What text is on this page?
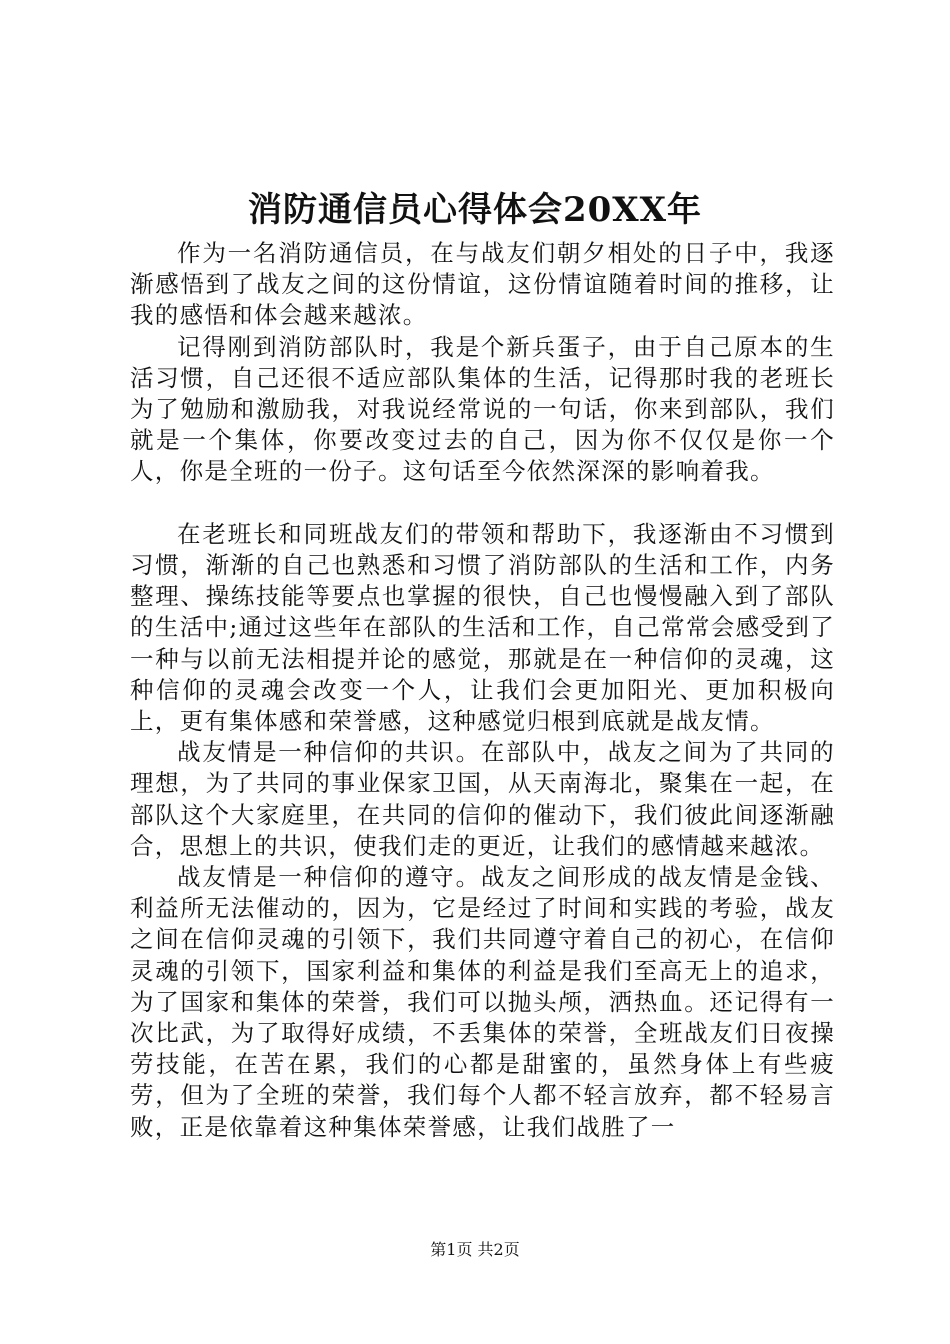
消防通信员心得体会20XX年

作为一名消防通信员，在与战友们朝夕相处的日子中，我逐渐感悟到了战友之间的这份情谊，这份情谊随着时间的推移，让我的感悟和体会越来越浓。

记得刚到消防部队时，我是个新兵蛋子，由于自己原本的生活习惯，自己还很不适应部队集体的生活，记得那时我的老班长为了勉励和激励我，对我说经常说的一句话，你来到部队，我们就是一个集体，你要改变过去的自己，因为你不仅仅是你一个人，你是全班的一份子。这句话至今依然深深的影响着我。

在老班长和同班战友们的带领和帮助下，我逐渐由不习惯到习惯，渐渐的自己也熟悉和习惯了消防部队的生活和工作，内务整理、操练技能等要点也掌握的很快，自己也慢慢融入到了部队的生活中;通过这些年在部队的生活和工作，自己常常会感受到了一种与以前无法相提并论的感觉，那就是在一种信仰的灵魂，这种信仰的灵魂会改变一个人，让我们会更加阳光、更加积极向上，更有集体感和荣誉感，这种感觉归根到底就是战友情。

战友情是一种信仰的共识。在部队中，战友之间为了共同的理想，为了共同的事业保家卫国，从天南海北，聚集在一起，在部队这个大家庭里，在共同的信仰的催动下，我们彼此间逐渐融合，思想上的共识，使我们走的更近，让我们的感情越来越浓。

战友情是一种信仰的遵守。战友之间形成的战友情是金钱、利益所无法催动的，因为，它是经过了时间和实践的考验，战友之间在信仰灵魂的引领下，我们共同遵守着自己的初心，在信仰灵魂的引领下，国家利益和集体的利益是我们至高无上的追求，为了国家和集体的荣誉，我们可以抛头颅，洒热血。还记得有一次比武，为了取得好成绩，不丢集体的荣誉，全班战友们日夜操劳技能，在苦在累，我们的心都是甜蜜的，虽然身体上有些疲劳，但为了全班的荣誉，我们每个人都不轻言放弃，都不轻易言败，正是依靠着这种集体荣誉感，让我们战胜了一

第1页 共2页
